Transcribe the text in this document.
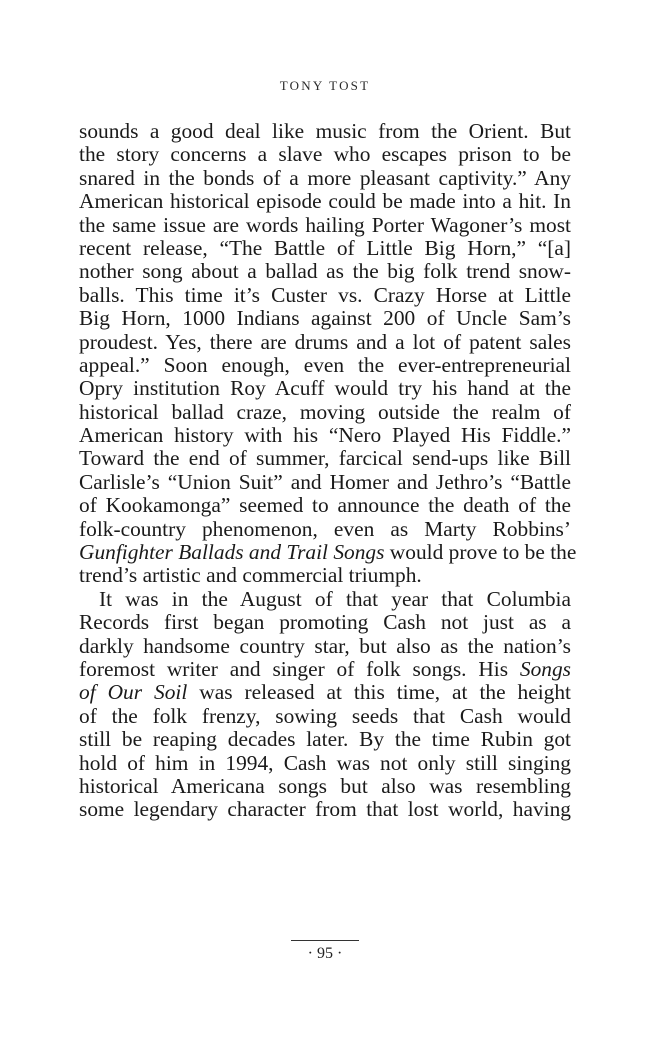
TONY TOST
sounds a good deal like music from the Orient. But
the story concerns a slave who escapes prison to be
snared in the bonds of a more pleasant captivity.” Any
American historical episode could be made into a hit. In
the same issue are words hailing Porter Wagoner’s most
recent release, “The Battle of Little Big Horn,” “[a]
nother song about a ballad as the big folk trend snow-
balls. This time it’s Custer vs. Crazy Horse at Little
Big Horn, 1000 Indians against 200 of Uncle Sam’s
proudest. Yes, there are drums and a lot of patent sales
appeal.” Soon enough, even the ever-entrepreneurial
Opry institution Roy Acuff would try his hand at the
historical ballad craze, moving outside the realm of
American history with his “Nero Played His Fiddle.”
Toward the end of summer, farcical send-ups like Bill
Carlisle’s “Union Suit” and Homer and Jethro’s “Battle
of Kookamonga” seemed to announce the death of the
folk-country phenomenon, even as Marty Robbins’
Gunfighter Ballads and Trail Songs would prove to be the
trend’s artistic and commercial triumph.
It was in the August of that year that Columbia
Records first began promoting Cash not just as a
darkly handsome country star, but also as the nation’s
foremost writer and singer of folk songs. His Songs
of Our Soil was released at this time, at the height
of the folk frenzy, sowing seeds that Cash would
still be reaping decades later. By the time Rubin got
hold of him in 1994, Cash was not only still singing
historical Americana songs but also was resembling
some legendary character from that lost world, having
· 95 ·
